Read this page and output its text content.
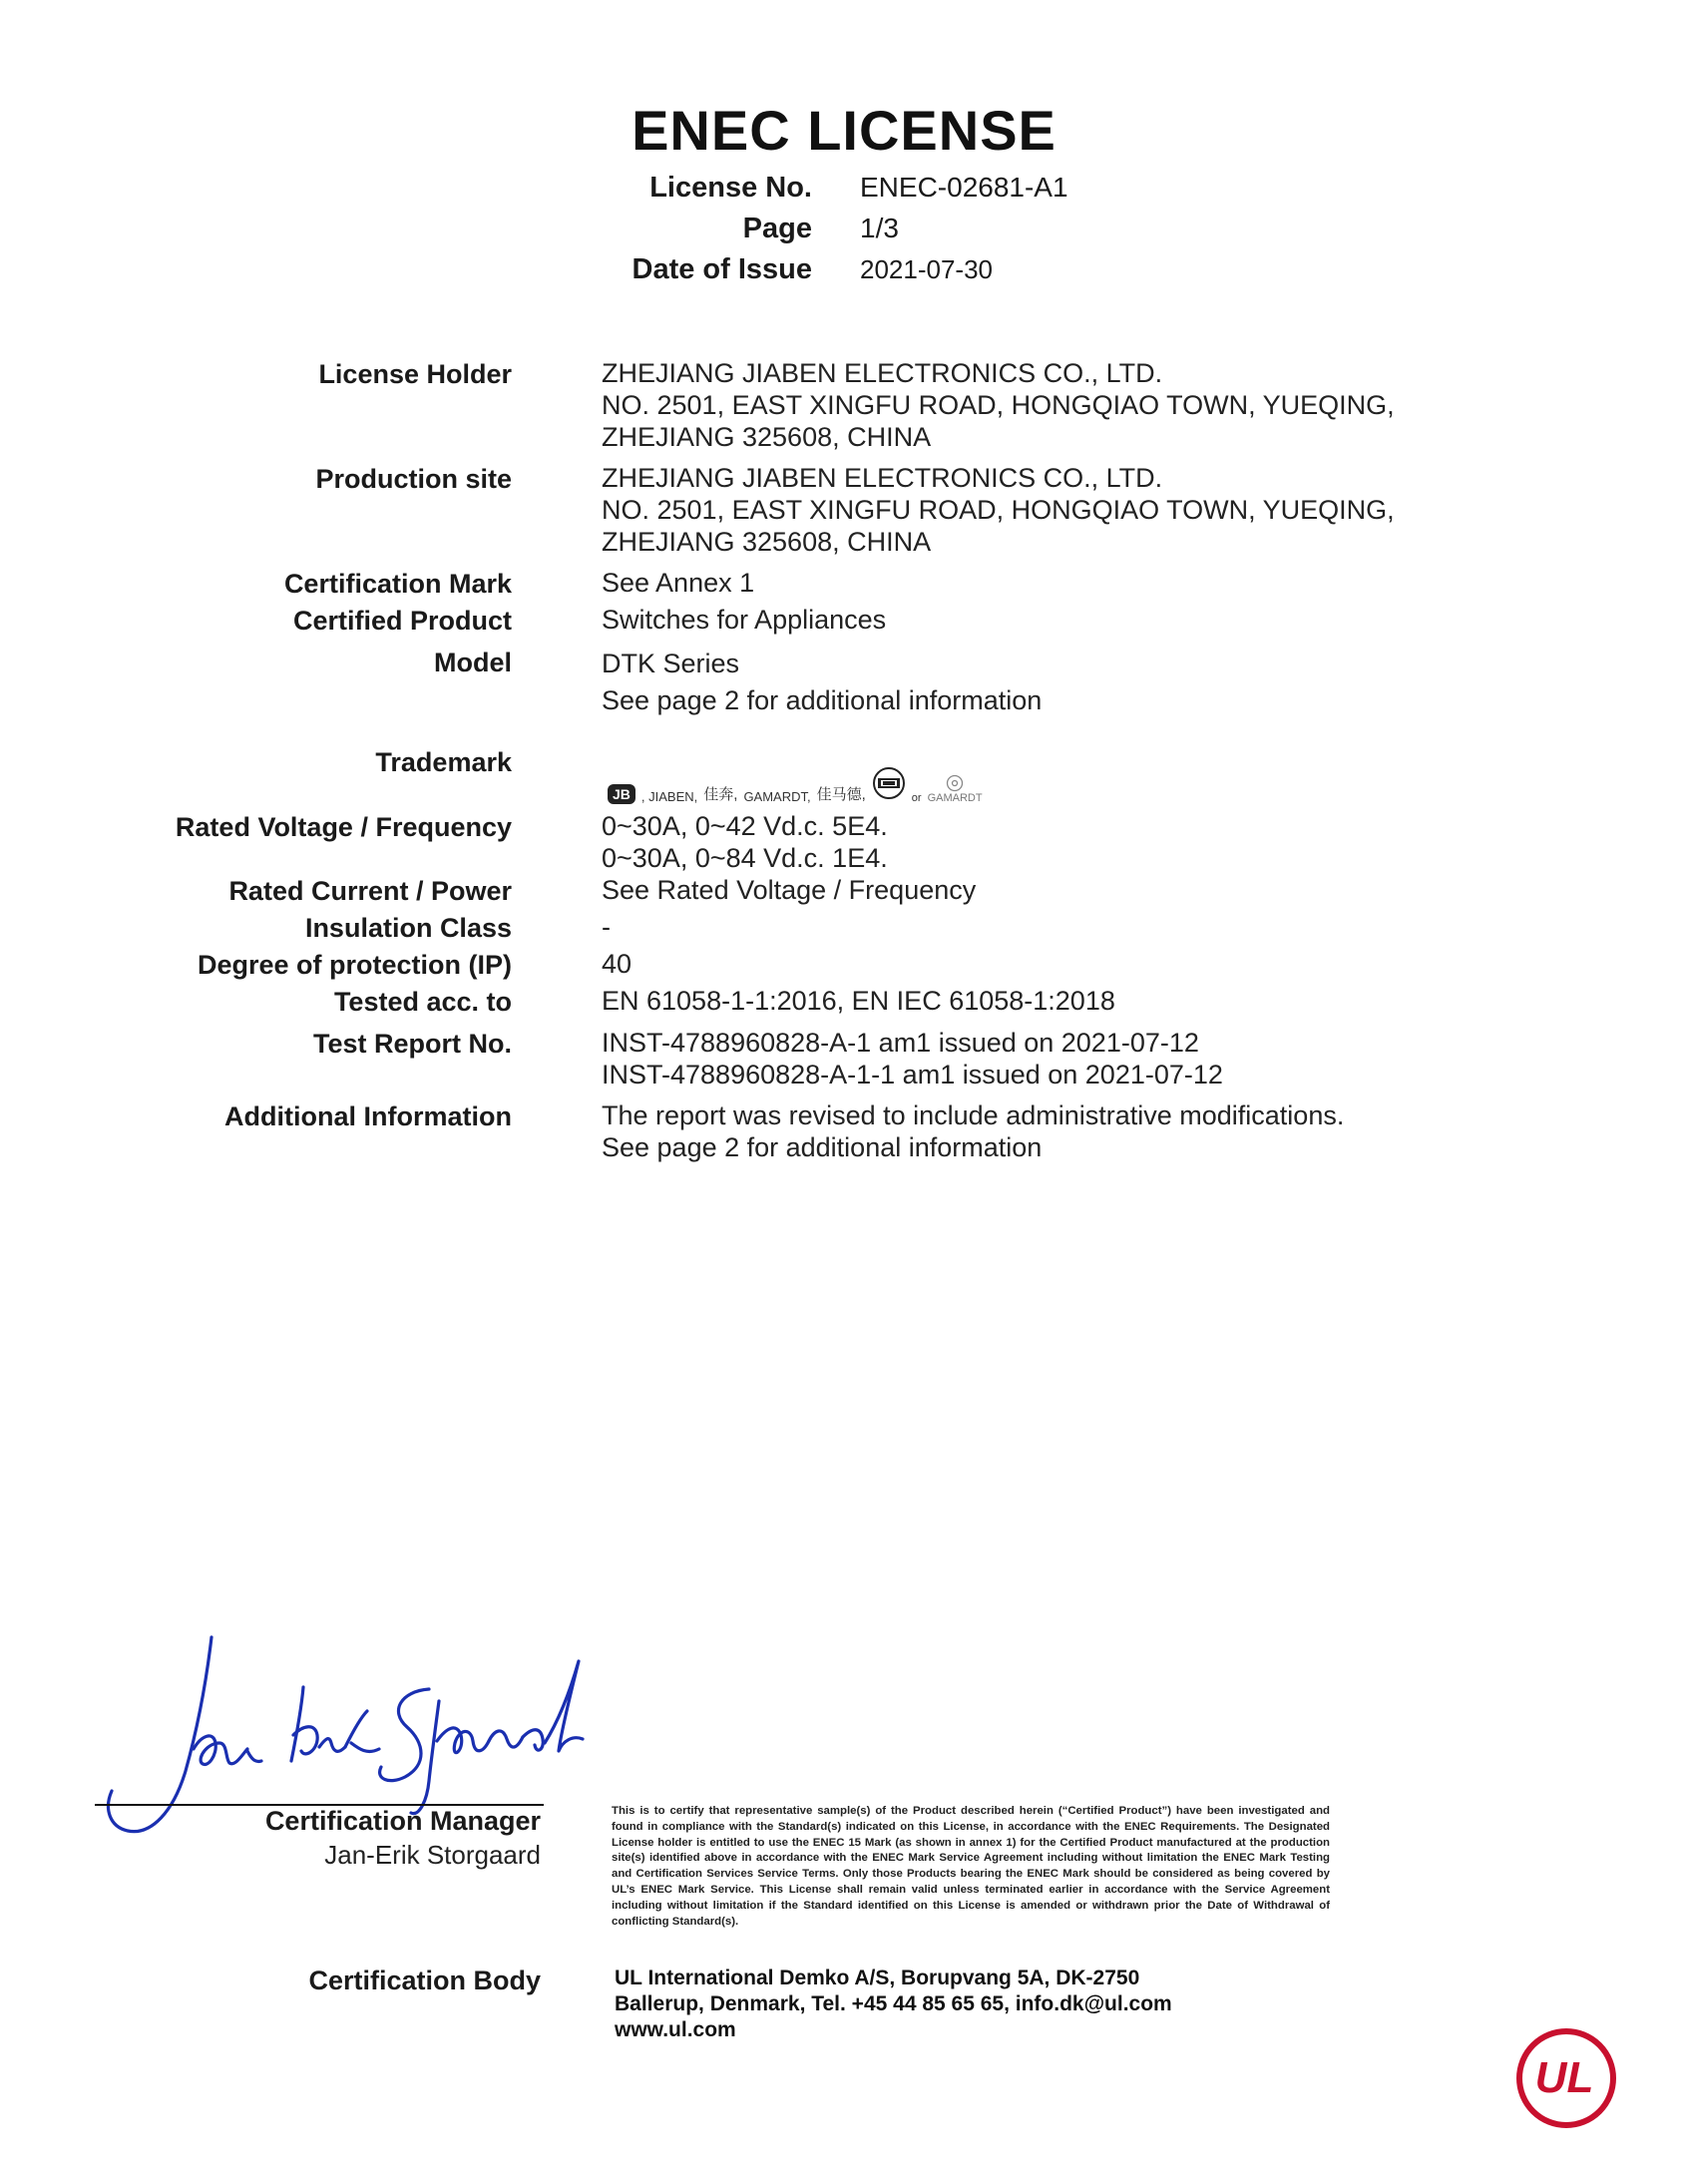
ENEC LICENSE
License No. ENEC-02681-A1
Page 1/3
Date of Issue 2021-07-30
License Holder	ZHEJIANG JIABEN ELECTRONICS CO., LTD.
NO. 2501, EAST XINGFU ROAD, HONGQIAO TOWN, YUEQING,
ZHEJIANG 325608, CHINA
Production site	ZHEJIANG JIABEN ELECTRONICS CO., LTD.
NO. 2501, EAST XINGFU ROAD, HONGQIAO TOWN, YUEQING,
ZHEJIANG 325608, CHINA
Certification Mark	See Annex 1
Certified Product	Switches for Appliances
Model	DTK Series
See page 2 for additional information
Trademark
JB , JIABEN, 佳奔, GAMARDT, 佳马德,	or GAMARDT
Rated Voltage / Frequency	0~30A, 0~42 Vd.c. 5E4.
0~30A, 0~84 Vd.c. 1E4.
Rated Current / Power	See Rated Voltage / Frequency
Insulation Class	-
Degree of protection (IP)	40
Tested acc. to	EN 61058-1-1:2016, EN IEC 61058-1:2018
Test Report No.	INST-4788960828-A-1 am1 issued on 2021-07-12
INST-4788960828-A-1-1 am1 issued on 2021-07-12
Additional Information	The report was revised to include administrative modifications.
See page 2 for additional information
Certification Manager
Jan-Erik Storgaard
This is to certify that representative sample(s) of the Product described herein (“Certified Product”) have been investigated and found in compliance with the Standard(s) indicated on this License, in accordance with the ENEC Requirements. The Designated License holder is entitled to use the ENEC 15 Mark (as shown in annex 1) for the Certified Product manufactured at the production site(s) identified above in accordance with the ENEC Mark Service Agreement including without limitation the ENEC Mark Testing and Certification Services Service Terms. Only those Products bearing the ENEC Mark should be considered as being covered by UL’s ENEC Mark Service. This License shall remain valid unless terminated earlier in accordance with the Service Agreement including without limitation if the Standard identified on this License is amended or withdrawn prior the Date of Withdrawal of conflicting Standard(s).
Certification Body	UL International Demko A/S, Borupvang 5A, DK-2750
Ballerup, Denmark, Tel. +45 44 85 65 65, info.dk@ul.com
www.ul.com
UL
